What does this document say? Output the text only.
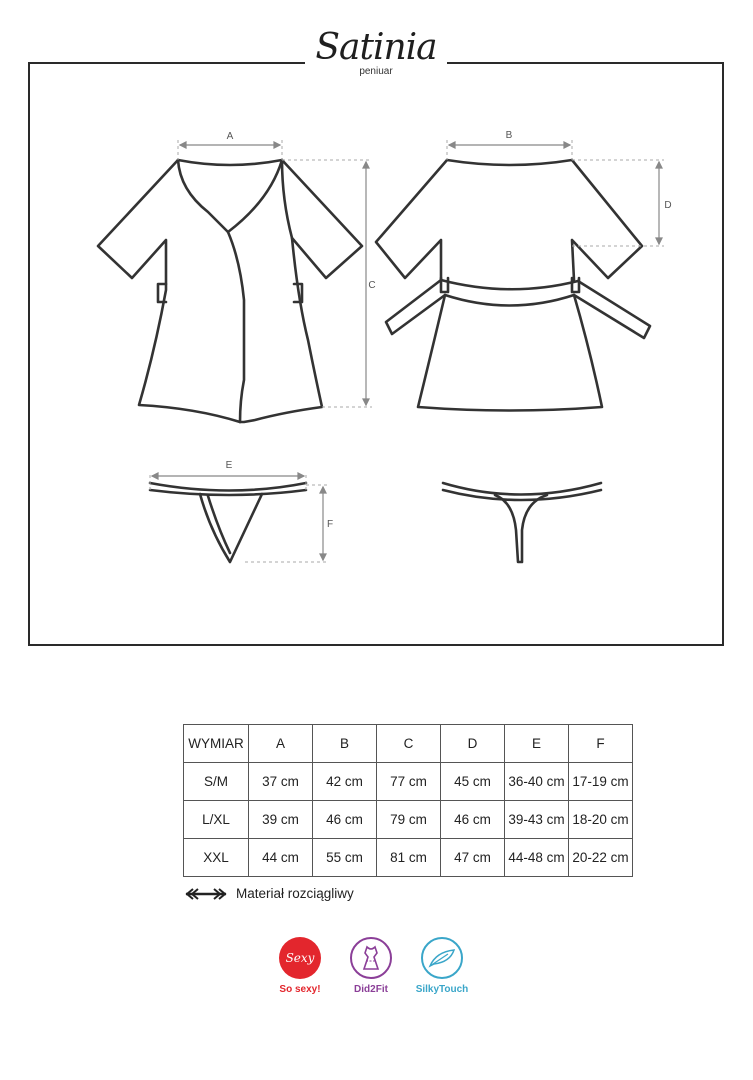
Satinia
peniuar
A	B
C
D
E
F
WYMIAR	A	B	C	D	E	F
S/M	37 cm	42 cm	77 cm	45 cm	36-40 cm	17-19 cm
L/XL	39 cm	46 cm	79 cm	46 cm	39-43 cm	18-20 cm
XXL	44 cm	55 cm	81 cm	47 cm	44-48 cm	20-22 cm
Materiał rozciągliwy
Sexy
So sexy!	Did2Fit	SilkyTouch
